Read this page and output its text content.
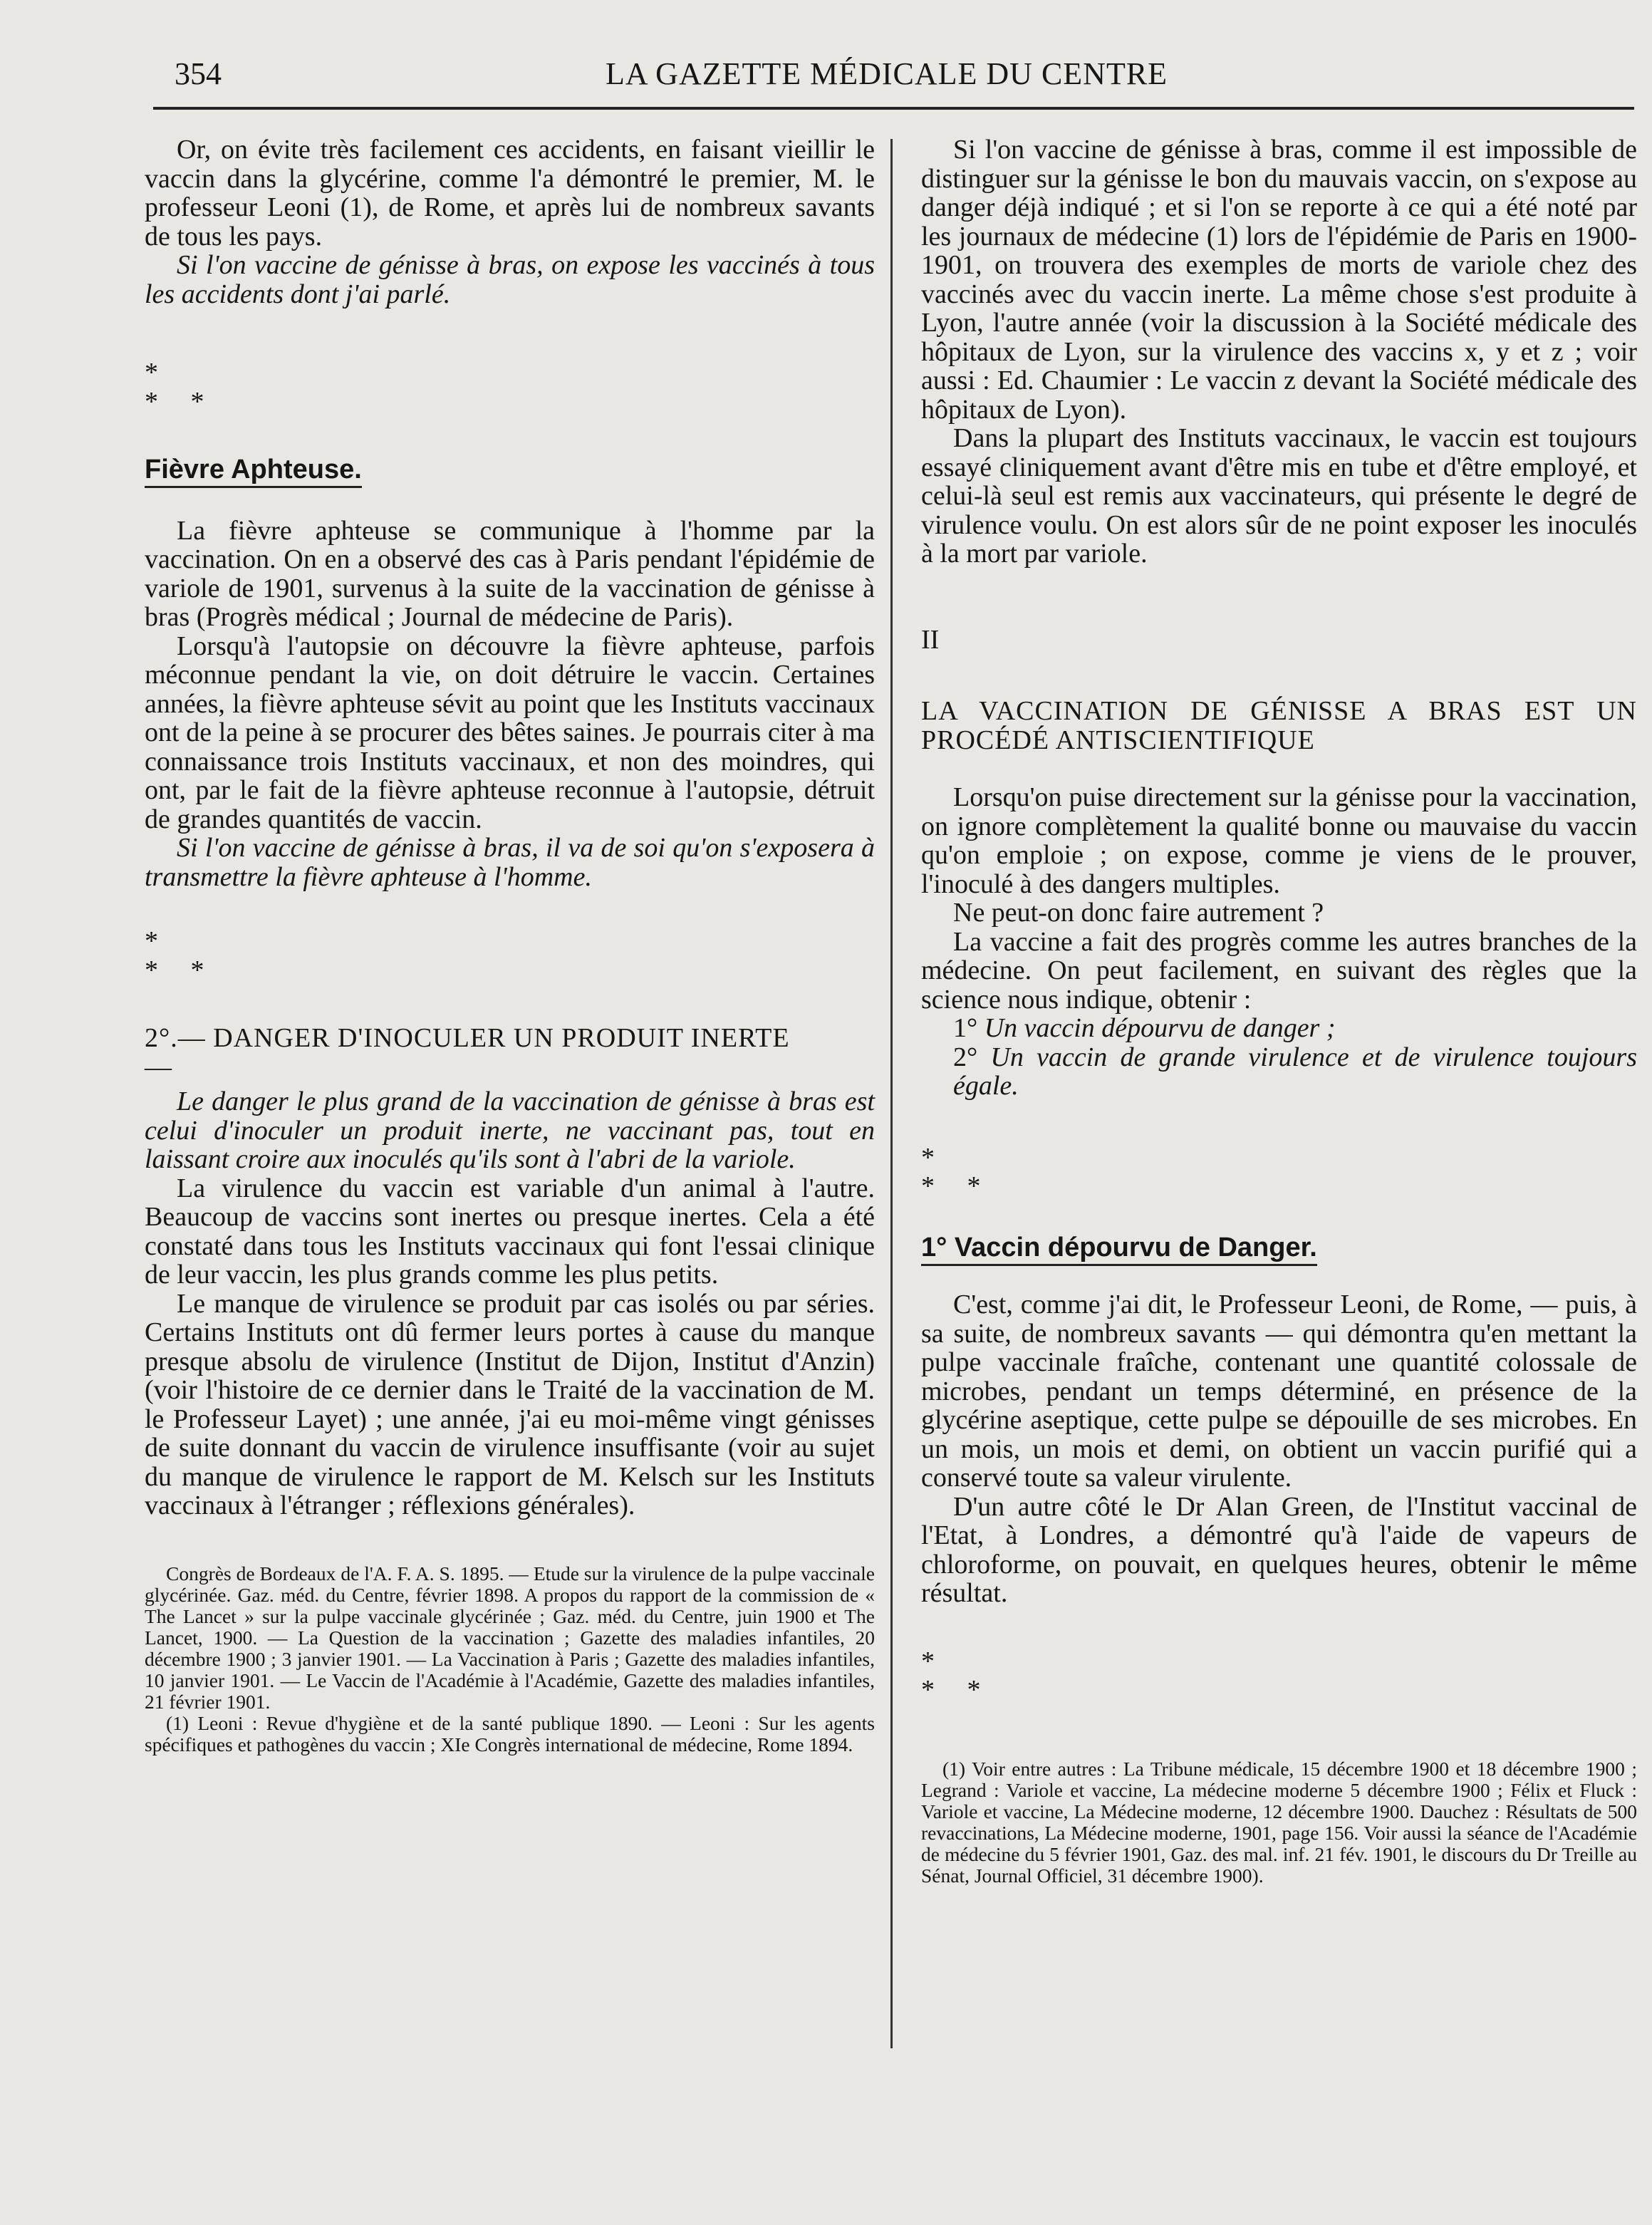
354	LA GAZETTE MÉDICALE DU CENTRE

Or, on évite très facilement ces accidents, en faisant vieillir le vaccin dans la glycérine, comme l'a démontré le premier, M. le professeur Leoni (1), de Rome, et après lui de nombreux savants de tous les pays.

Si l'on vaccine de génisse à bras, on expose les vaccinés à tous les accidents dont j'ai parlé.

*
* *

Fièvre Aphteuse.

La fièvre aphteuse se communique à l'homme par la vaccination. On en a observé des cas à Paris pendant l'épidémie de variole de 1901, survenus à la suite de la vaccination de génisse à bras (Progrès médical ; Journal de médecine de Paris).

Lorsqu'à l'autopsie on découvre la fièvre aphteuse, parfois méconnue pendant la vie, on doit détruire le vaccin. Certaines années, la fièvre aphteuse sévit au point que les Instituts vaccinaux ont de la peine à se procurer des bêtes saines. Je pourrais citer à ma connaissance trois Instituts vaccinaux, et non des moindres, qui ont, par le fait de la fièvre aphteuse reconnue à l'autopsie, détruit de grandes quantités de vaccin.

Si l'on vaccine de génisse à bras, il va de soi qu'on s'exposera à transmettre la fièvre aphteuse à l'homme.

*
* *

2°.— DANGER D'INOCULER UN PRODUIT INERTE

—

Le danger le plus grand de la vaccination de génisse à bras est celui d'inoculer un produit inerte, ne vaccinant pas, tout en laissant croire aux inoculés qu'ils sont à l'abri de la variole.

La virulence du vaccin est variable d'un animal à l'autre. Beaucoup de vaccins sont inertes ou presque inertes. Cela a été constaté dans tous les Instituts vaccinaux qui font l'essai clinique de leur vaccin, les plus grands comme les plus petits.

Le manque de virulence se produit par cas isolés ou par séries. Certains Instituts ont dû fermer leurs portes à cause du manque presque absolu de virulence (Institut de Dijon, Institut d'Anzin) (voir l'histoire de ce dernier dans le Traité de la vaccination de M. le Professeur Layet) ; une année, j'ai eu moi-même vingt génisses de suite donnant du vaccin de virulence insuffisante (voir au sujet du manque de virulence le rapport de M. Kelsch sur les Instituts vaccinaux à l'étranger ; réflexions générales).

Congrès de Bordeaux de l'A. F. A. S. 1895. — Etude sur la virulence de la pulpe vaccinale glycérinée. Gaz. méd. du Centre, février 1898. A propos du rapport de la commission de « The Lancet » sur la pulpe vaccinale glycérinée ; Gaz. méd. du Centre, juin 1900 et The Lancet, 1900. — La Question de la vaccination ; Gazette des maladies infantiles, 20 décembre 1900 ; 3 janvier 1901. — La Vaccination à Paris ; Gazette des maladies infantiles, 10 janvier 1901. — Le Vaccin de l'Académie à l'Académie, Gazette des maladies infantiles, 21 février 1901.

(1) Leoni : Revue d'hygiène et de la santé publique 1890. — Leoni : Sur les agents spécifiques et pathogènes du vaccin ; XIe Congrès international de médecine, Rome 1894.

Si l'on vaccine de génisse à bras, comme il est impossible de distinguer sur la génisse le bon du mauvais vaccin, on s'expose au danger déjà indiqué ; et si l'on se reporte à ce qui a été noté par les journaux de médecine (1) lors de l'épidémie de Paris en 1900-1901, on trouvera des exemples de morts de variole chez des vaccinés avec du vaccin inerte. La même chose s'est produite à Lyon, l'autre année (voir la discussion à la Société médicale des hôpitaux de Lyon, sur la virulence des vaccins x, y et z ; voir aussi : Ed. Chaumier : Le vaccin z devant la Société médicale des hôpitaux de Lyon).

Dans la plupart des Instituts vaccinaux, le vaccin est toujours essayé cliniquement avant d'être mis en tube et d'être employé, et celui-là seul est remis aux vaccinateurs, qui présente le degré de virulence voulu. On est alors sûr de ne point exposer les inoculés à la mort par variole.

II

LA VACCINATION DE GÉNISSE A BRAS EST UN PROCÉDÉ ANTISCIENTIFIQUE

Lorsqu'on puise directement sur la génisse pour la vaccination, on ignore complètement la qualité bonne ou mauvaise du vaccin qu'on emploie ; on expose, comme je viens de le prouver, l'inoculé à des dangers multiples.

Ne peut-on donc faire autrement ?

La vaccine a fait des progrès comme les autres branches de la médecine. On peut facilement, en suivant des règles que la science nous indique, obtenir :

1° Un vaccin dépourvu de danger ;

2° Un vaccin de grande virulence et de virulence toujours égale.

*
* *

1° Vaccin dépourvu de Danger.

C'est, comme j'ai dit, le Professeur Leoni, de Rome, — puis, à sa suite, de nombreux savants — qui démontra qu'en mettant la pulpe vaccinale fraîche, contenant une quantité colossale de microbes, pendant un temps déterminé, en présence de la glycérine aseptique, cette pulpe se dépouille de ses microbes. En un mois, un mois et demi, on obtient un vaccin purifié qui a conservé toute sa valeur virulente.

D'un autre côté le Dr Alan Green, de l'Institut vaccinal de l'Etat, à Londres, a démontré qu'à l'aide de vapeurs de chloroforme, on pouvait, en quelques heures, obtenir le même résultat.

*
* *

(1) Voir entre autres : La Tribune médicale, 15 décembre 1900 et 18 décembre 1900 ; Legrand : Variole et vaccine, La médecine moderne 5 décembre 1900 ; Félix et Fluck : Variole et vaccine, La Médecine moderne, 12 décembre 1900. Dauchez : Résultats de 500 revaccinations, La Médecine moderne, 1901, page 156. Voir aussi la séance de l'Académie de médecine du 5 février 1901, Gaz. des mal. inf. 21 fév. 1901, le discours du Dr Treille au Sénat, Journal Officiel, 31 décembre 1900).
